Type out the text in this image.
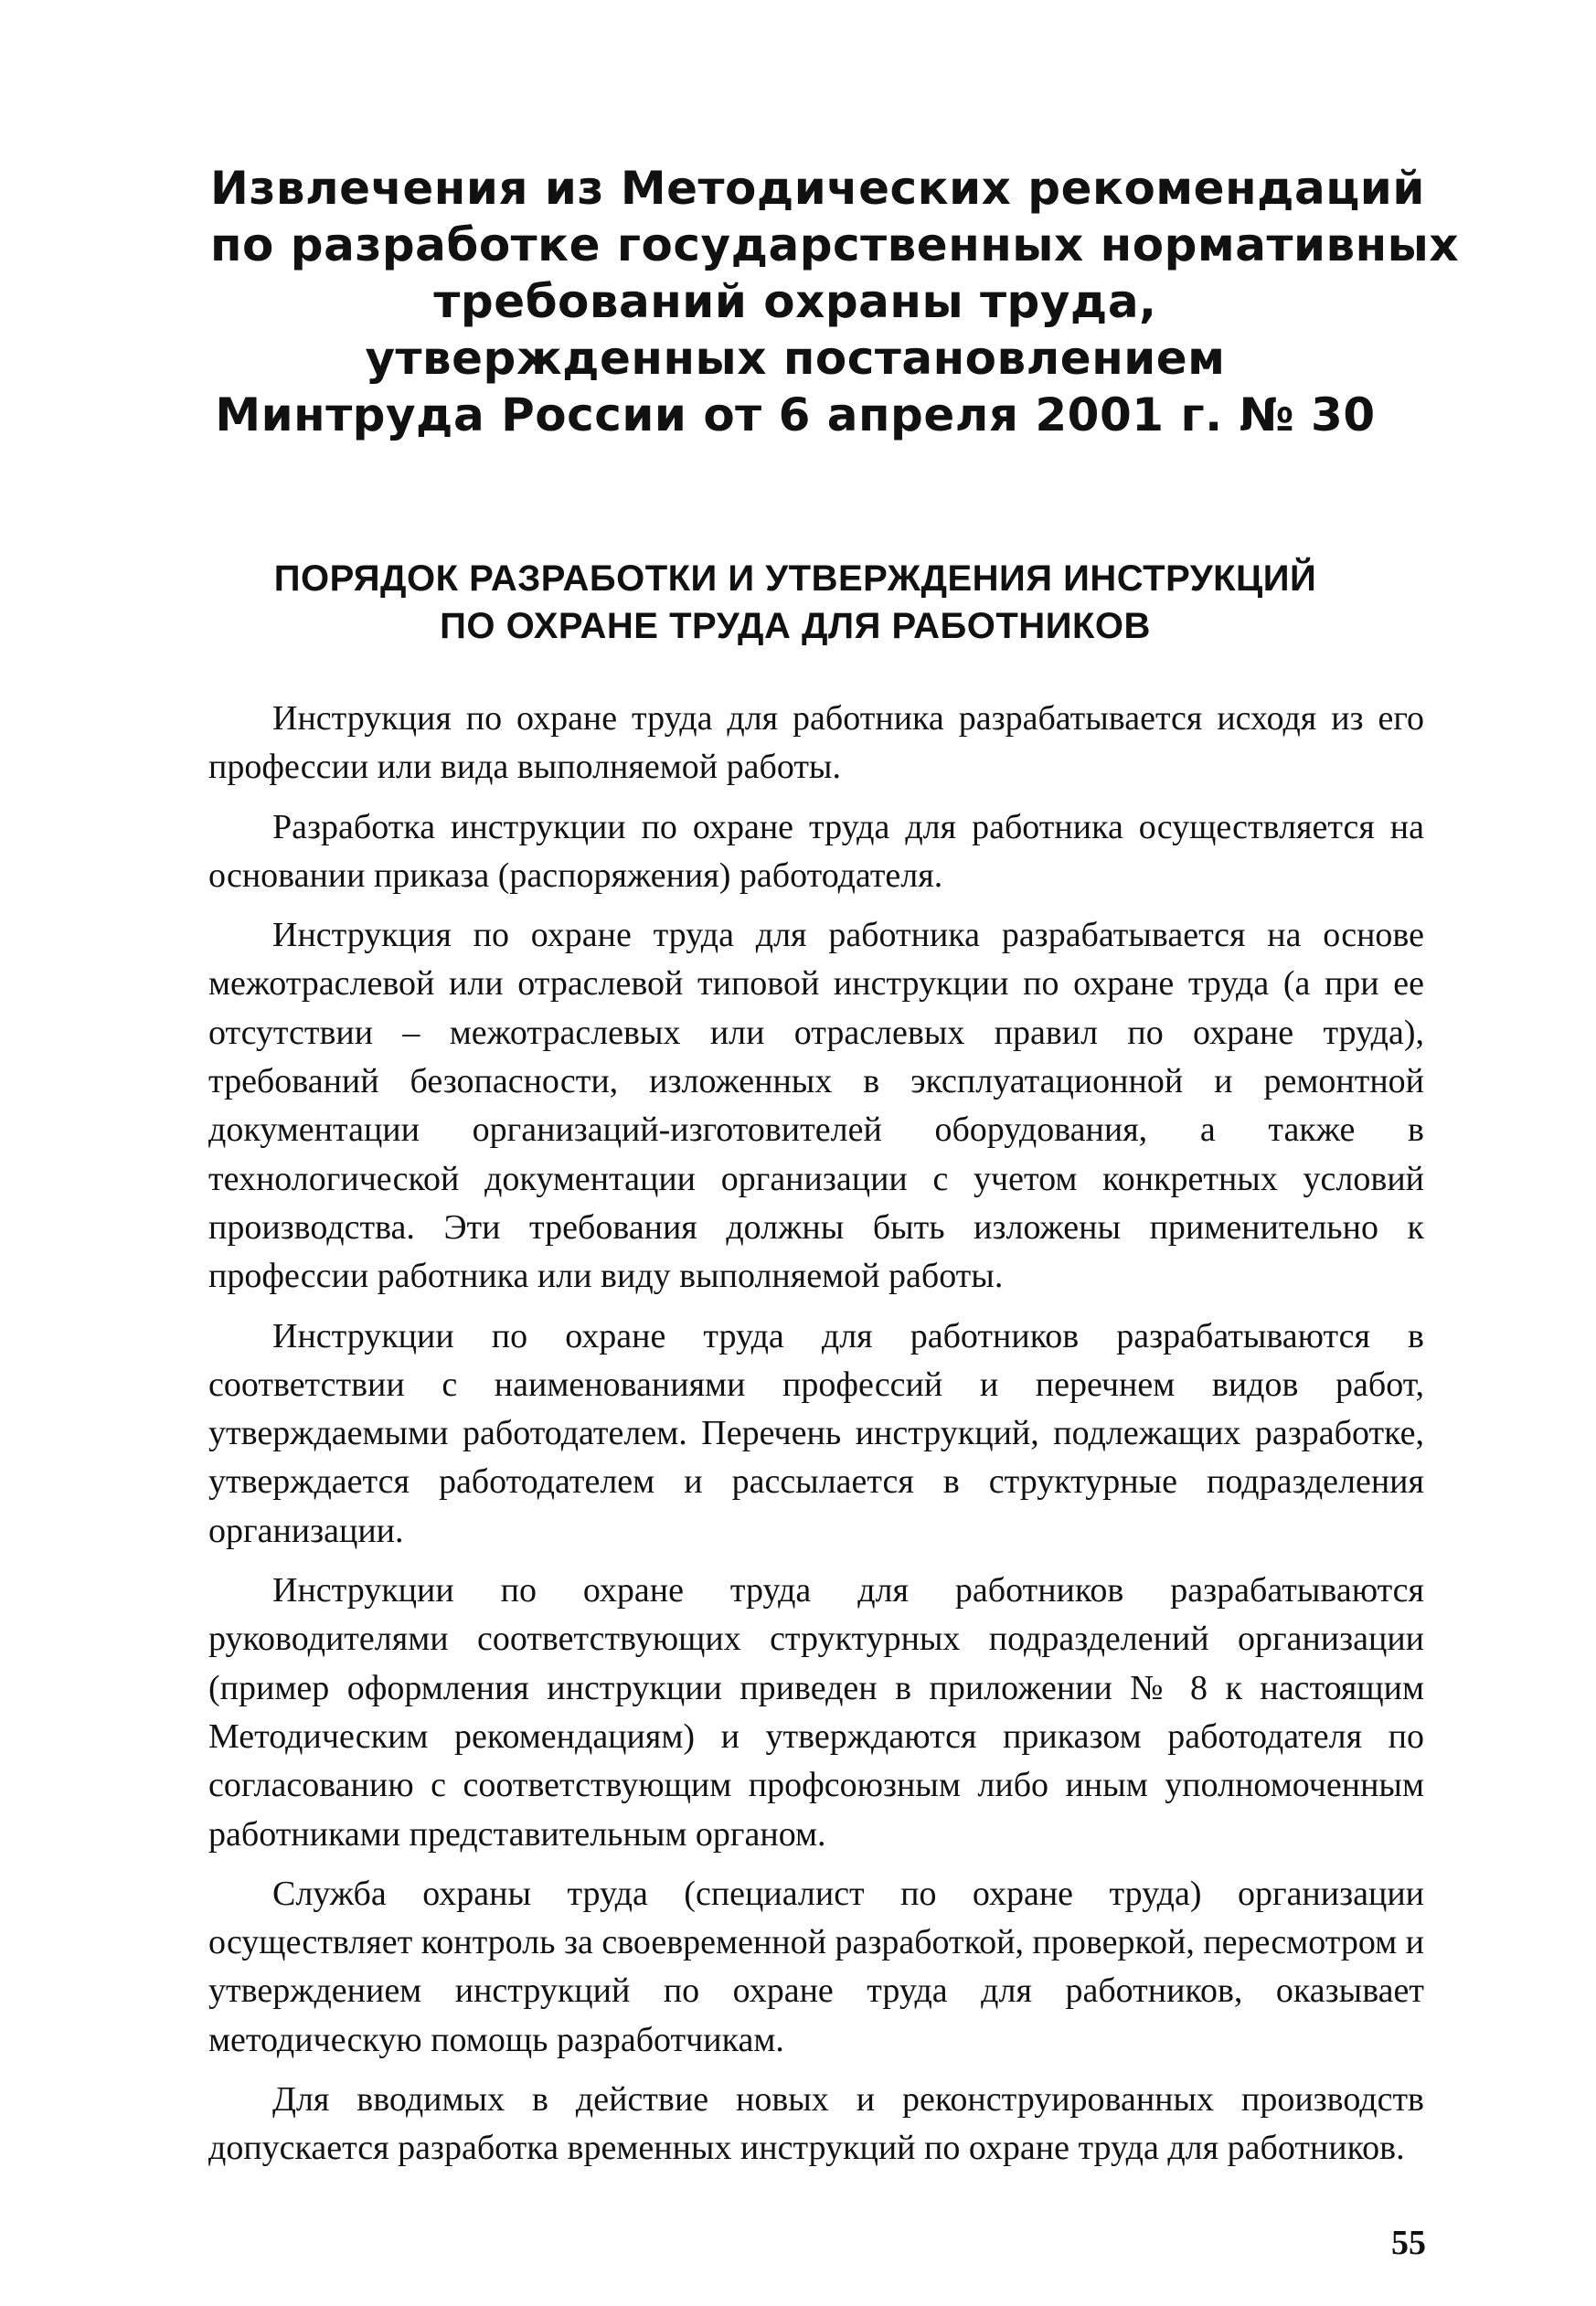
Извлечения из Методических рекомендаций
по разработке государственных нормативных
требований охраны труда,
утвержденных постановлением
Минтруда России от 6 апреля 2001 г. № 30
ПОРЯДОК РАЗРАБОТКИ И УТВЕРЖДЕНИЯ ИНСТРУКЦИЙ
ПО ОХРАНЕ ТРУДА ДЛЯ РАБОТНИКОВ

Инструкция по охране труда для работника разрабатывается исходя из его профессии или вида выполняемой работы.

Разработка инструкции по охране труда для работника осуществляется на основании приказа (распоряжения) работодателя.

Инструкция по охране труда для работника разрабатывается на основе межотраслевой или отраслевой типовой инструкции по охране труда (а при ее отсутствии – межотраслевых или отраслевых правил по охране труда), требований безопасности, изложенных в эксплуатационной и ремонтной документации организаций-изготовителей оборудования, а также в технологической документации организации с учетом конкретных условий производства. Эти требования должны быть изложены применительно к профессии работника или виду выполняемой работы.

Инструкции по охране труда для работников разрабатываются в соответствии с наименованиями профессий и перечнем видов работ, утверждаемыми работодателем. Перечень инструкций, подлежащих разработке, утверждается работодателем и рассылается в структурные подразделения организации.

Инструкции по охране труда для работников разрабатываются руководителями соответствующих структурных подразделений организации (пример оформления инструкции приведен в приложении № 8 к настоящим Методическим рекомендациям) и утверждаются приказом работодателя по согласованию с соответствующим профсоюзным либо иным уполномоченным работниками представительным органом.

Служба охраны труда (специалист по охране труда) организации осуществляет контроль за своевременной разработкой, проверкой, пересмотром и утверждением инструкций по охране труда для работников, оказывает методическую помощь разработчикам.

Для вводимых в действие новых и реконструированных производств допускается разработка временных инструкций по охране труда для работников.

55
